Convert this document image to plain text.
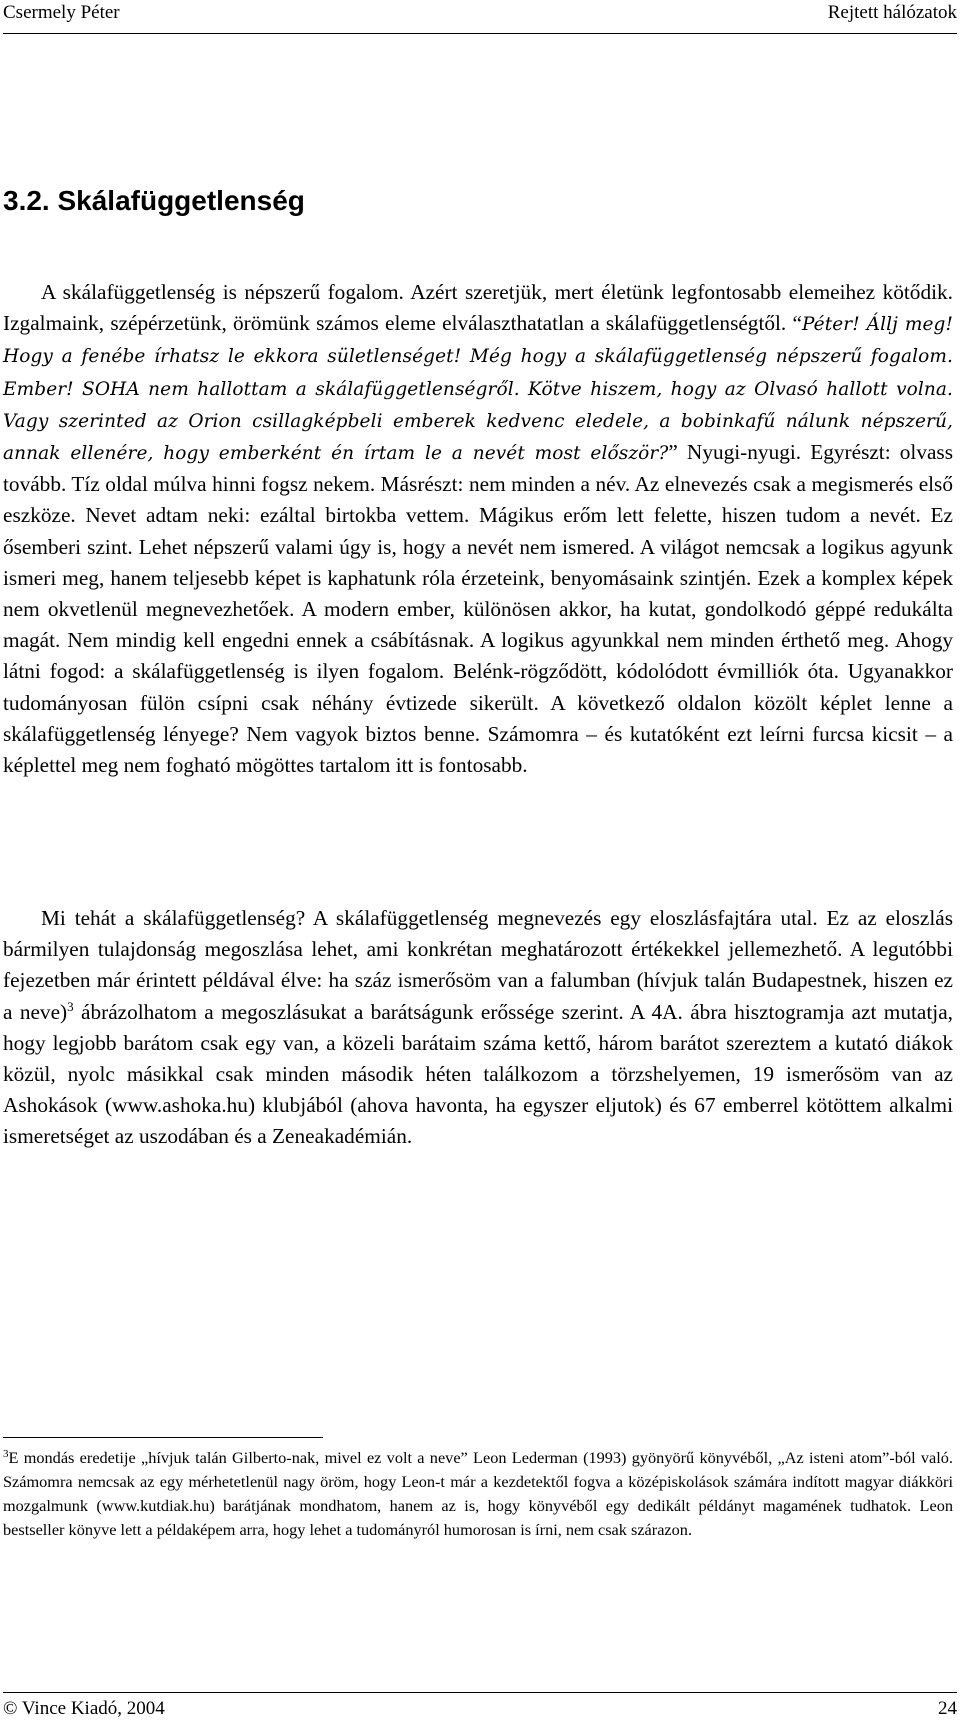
Csermely Péter	Rejtett hálózatok
3.2. Skálafüggetlenség

A skálafüggetlenség is népszerű fogalom. Azért szeretjük, mert életünk legfontosabb elemeihez kötődik. Izgalmaink, szépérzetünk, örömünk számos eleme elválaszthatatlan a skálafüggetlenségtől. “Péter! Állj meg! Hogy a fenébe írhatsz le ekkora sületlenséget! Még hogy a skálafüggetlenség népszerű fogalom. Ember! SOHA nem hallottam a skálafüggetlenségről. Kötve hiszem, hogy az Olvasó hallott volna. Vagy szerinted az Orion csillagképbeli emberek kedvenc eledele, a bobinkafű nálunk népszerű, annak ellenére, hogy emberként én írtam le a nevét most először?” Nyugi-nyugi. Egyrészt: olvass tovább. Tíz oldal múlva hinni fogsz nekem. Másrészt: nem minden a név. Az elnevezés csak a megismerés első eszköze. Nevet adtam neki: ezáltal birtokba vettem. Mágikus erőm lett felette, hiszen tudom a nevét. Ez ősemberi szint. Lehet népszerű valami úgy is, hogy a nevét nem ismered. A világot nemcsak a logikus agyunk ismeri meg, hanem teljesebb képet is kaphatunk róla érzeteink, benyomásaink szintjén. Ezek a komplex képek nem okvetlenül megnevezhetőek. A modern ember, különösen akkor, ha kutat, gondolkodó géppé redukálta magát. Nem mindig kell engedni ennek a csábításnak. A logikus agyunkkal nem minden érthető meg. Ahogy látni fogod: a skálafüggetlenség is ilyen fogalom. Belénk-rögződött, kódolódott évmilliók óta. Ugyanakkor tudományosan fülön csípni csak néhány évtizede sikerült. A következő oldalon közölt képlet lenne a skálafüggetlenség lényege? Nem vagyok biztos benne. Számomra – és kutatóként ezt leírni furcsa kicsit – a képlettel meg nem fogható mögöttes tartalom itt is fontosabb.

Mi tehát a skálafüggetlenség? A skálafüggetlenség megnevezés egy eloszlásfajtára utal. Ez az eloszlás bármilyen tulajdonság megoszlása lehet, ami konkrétan meghatározott értékekkel jellemezhető. A legutóbbi fejezetben már érintett példával élve: ha száz ismerősöm van a falumban (hívjuk talán Budapestnek, hiszen ez a neve)$^3$ ábrázolhatom a megoszlásukat a barátságunk erőssége szerint. A 4A. ábra hisztogramja azt mutatja, hogy legjobb barátom csak egy van, a közeli barátaim száma kettő, három barátot szereztem a kutató diákok közül, nyolc másikkal csak minden második héten találkozom a törzshelyemen, 19 ismerősöm van az Ashokások (www.ashoka.hu) klubjából (ahova havonta, ha egyszer eljutok) és 67 emberrel kötöttem alkalmi ismeretséget az uszodában és a Zeneakadémián.

$^3$E mondás eredetije „hívjuk talán Gilberto-nak, mivel ez volt a neve” Leon Lederman (1993) gyönyörű könyvéből, „Az isteni atom”-ból való. Számomra nemcsak az egy mérhetetlenül nagy öröm, hogy Leon-t már a kezdetektől fogva a középiskolások számára indított magyar diákköri mozgalmunk (www.kutdiak.hu) barátjának mondhatom, hanem az is, hogy könyvéből egy dedikált példányt magamének tudhatok. Leon bestseller könyve lett a példaképem arra, hogy lehet a tudományról humorosan is írni, nem csak szárazon.

© Vince Kiadó, 2004	24
